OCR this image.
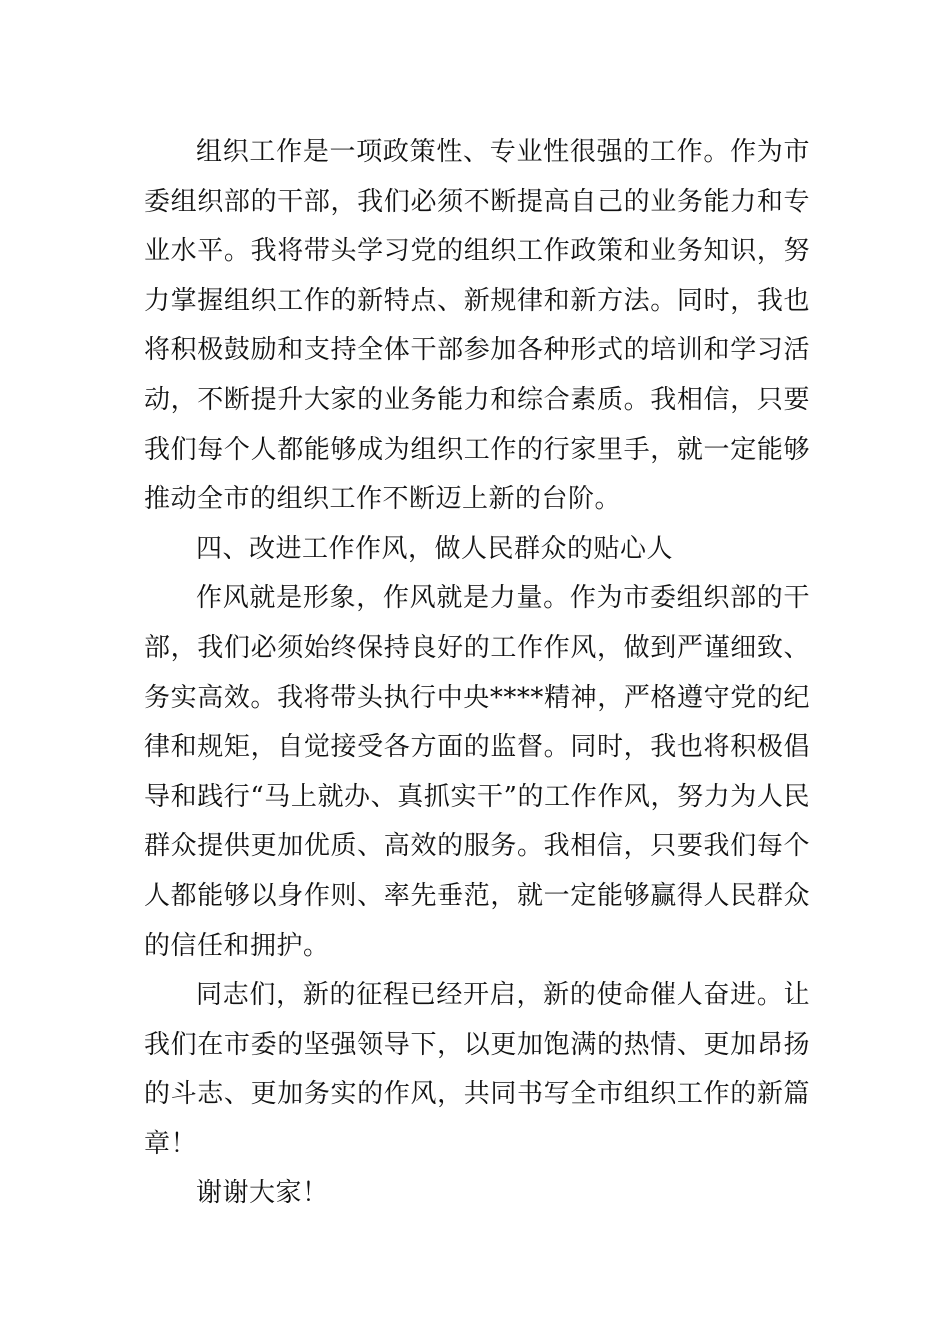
组织工作是一项政策性、专业性很强的工作。作为市委组织部的干部，我们必须不断提高自己的业务能力和专业水平。我将带头学习党的组织工作政策和业务知识，努力掌握组织工作的新特点、新规律和新方法。同时，我也将积极鼓励和支持全体干部参加各种形式的培训和学习活动，不断提升大家的业务能力和综合素质。我相信，只要我们每个人都能够成为组织工作的行家里手，就一定能够推动全市的组织工作不断迈上新的台阶。

四、改进工作作风，做人民群众的贴心人

作风就是形象，作风就是力量。作为市委组织部的干部，我们必须始终保持良好的工作作风，做到严谨细致、务实高效。我将带头执行中央****精神，严格遵守党的纪律和规矩，自觉接受各方面的监督。同时，我也将积极倡导和践行“马上就办、真抓实干”的工作作风，努力为人民群众提供更加优质、高效的服务。我相信，只要我们每个人都能够以身作则、率先垂范，就一定能够赢得人民群众的信任和拥护。

同志们，新的征程已经开启，新的使命催人奋进。让我们在市委的坚强领导下，以更加饱满的热情、更加昂扬的斗志、更加务实的作风，共同书写全市组织工作的新篇章！

谢谢大家！
